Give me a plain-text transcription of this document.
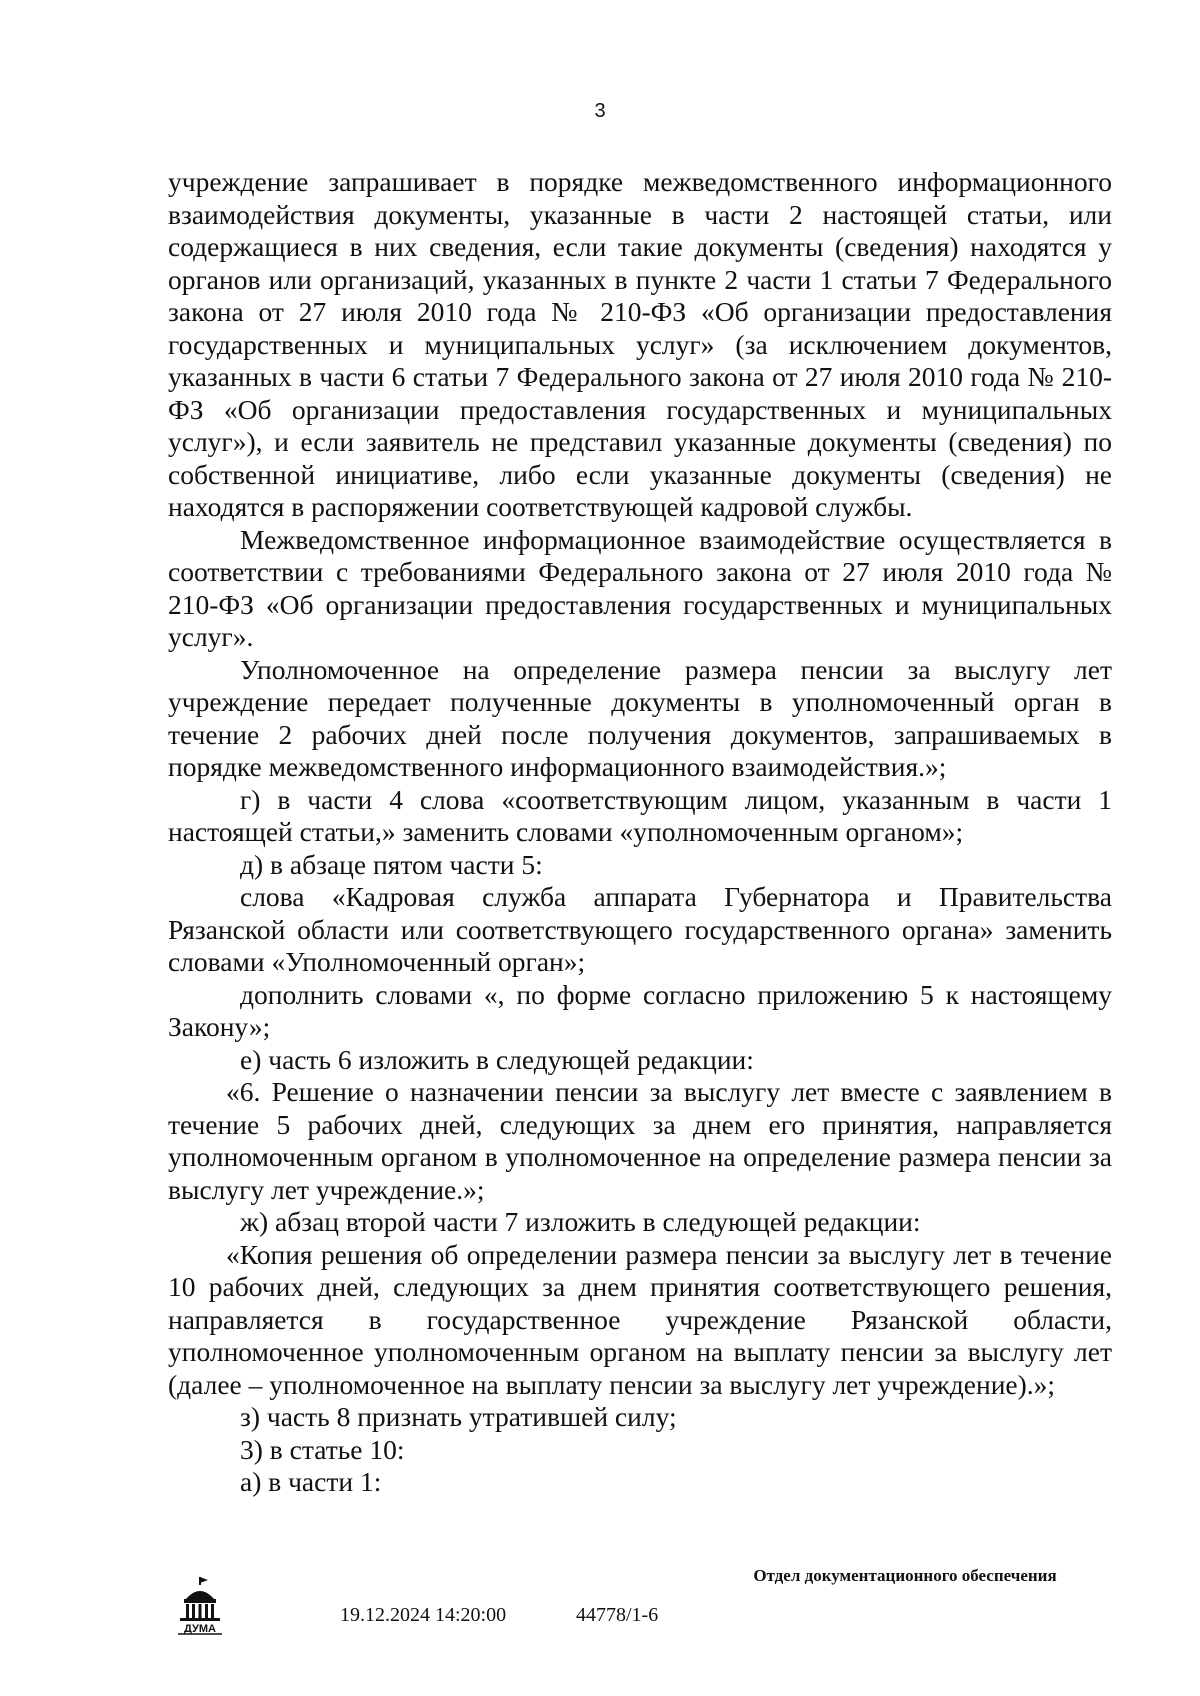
3

учреждение запрашивает в порядке межведомственного информационного взаимодействия документы, указанные в части 2 настоящей статьи, или содержащиеся в них сведения, если такие документы (сведения) находятся у органов или организаций, указанных в пункте 2 части 1 статьи 7 Федерального закона от 27 июля 2010 года № 210-ФЗ «Об организации предоставления государственных и муниципальных услуг» (за исключением документов, указанных в части 6 статьи 7 Федерального закона от 27 июля 2010 года № 210-ФЗ «Об организации предоставления государственных и муниципальных услуг»), и если заявитель не представил указанные документы (сведения) по собственной инициативе, либо если указанные документы (сведения) не находятся в распоряжении соответствующей кадровой службы.

Межведомственное информационное взаимодействие осуществляется в соответствии с требованиями Федерального закона от 27 июля 2010 года № 210-ФЗ «Об организации предоставления государственных и муниципальных услуг».

Уполномоченное на определение размера пенсии за выслугу лет учреждение передает полученные документы в уполномоченный орган в течение 2 рабочих дней после получения документов, запрашиваемых в порядке межведомственного информационного взаимодействия.»;

г) в части 4 слова «соответствующим лицом, указанным в части 1 настоящей статьи,» заменить словами «уполномоченным органом»;

д) в абзаце пятом части 5:

слова «Кадровая служба аппарата Губернатора и Правительства Рязанской области или соответствующего государственного органа» заменить словами «Уполномоченный орган»;

дополнить словами «, по форме согласно приложению 5 к настоящему Закону»;

е) часть 6 изложить в следующей редакции:

«6. Решение о назначении пенсии за выслугу лет вместе с заявлением в течение 5 рабочих дней, следующих за днем его принятия, направляется уполномоченным органом в уполномоченное на определение размера пенсии за выслугу лет учреждение.»;

ж) абзац второй части 7 изложить в следующей редакции:

«Копия решения об определении размера пенсии за выслугу лет в течение 10 рабочих дней, следующих за днем принятия соответствующего решения, направляется в государственное учреждение Рязанской области, уполномоченное уполномоченным органом на выплату пенсии за выслугу лет (далее – уполномоченное на выплату пенсии за выслугу лет учреждение).»;

з) часть 8 признать утратившей силу;

3) в статье 10:

а) в части 1:

ДУМА
19.12.2024 14:20:00	44778/1-6
Отдел документационного обеспечения
